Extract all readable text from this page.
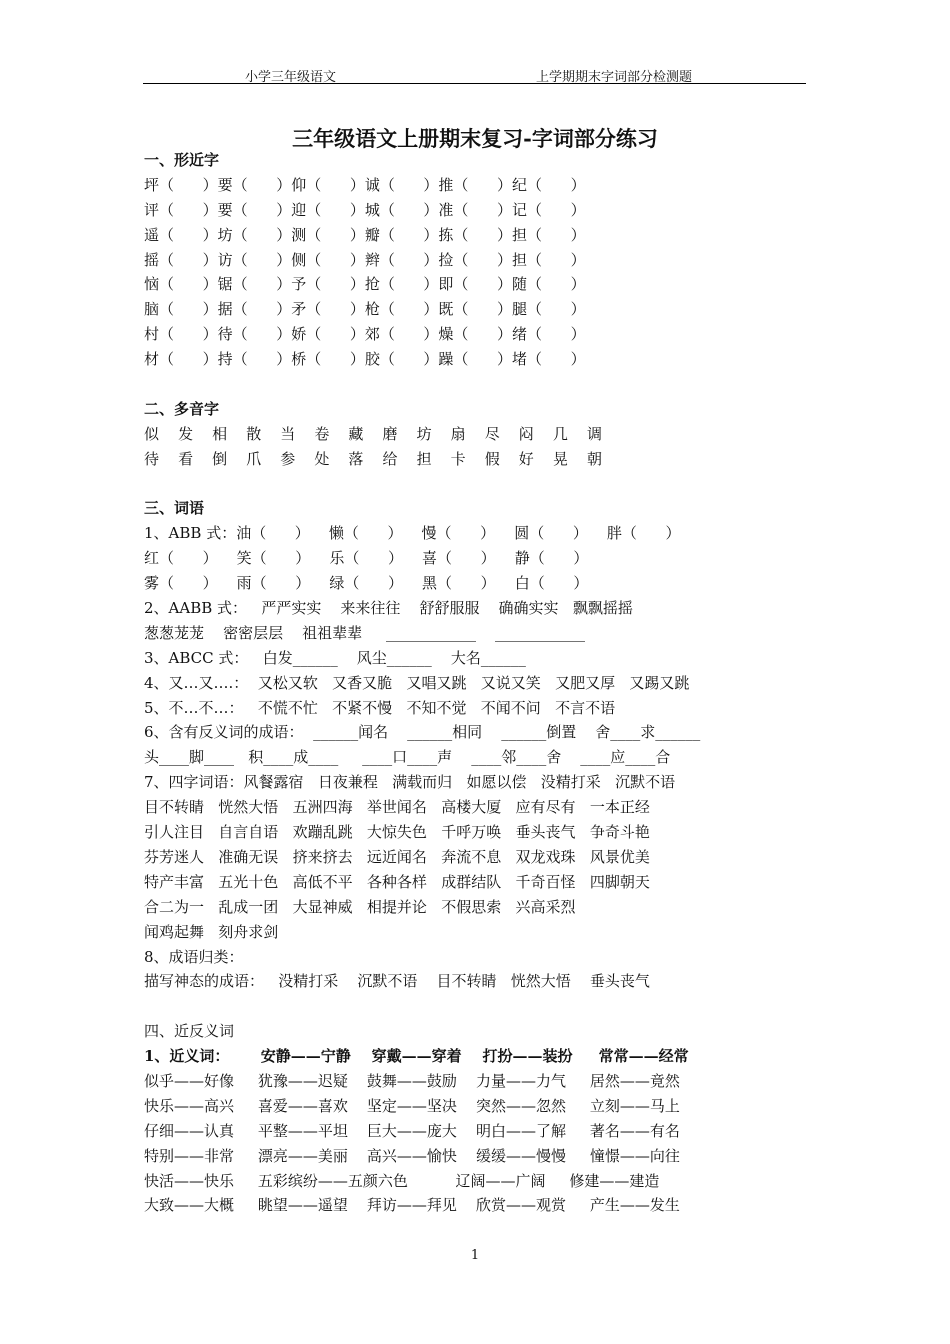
小学三年级语文	上学期期末字词部分检测题
三年级语文上册期末复习-字词部分练习
一、形近字
坪（      ）要（      ）仰（      ）诚（      ）推（      ）纪（      ）
评（      ）要（      ）迎（      ）城（      ）准（      ）记（      ）
遥（      ）坊（      ）测（      ）瓣（      ）拣（      ）担（      ）
摇（      ）访（      ）侧（      ）辫（      ）捡（      ）担（      ）
恼（      ）锯（      ）予（      ）抢（      ）即（      ）随（      ）
脑（      ）据（      ）矛（      ）枪（      ）既（      ）腿（      ）
村（      ）待（      ）娇（      ）郊（      ）燥（      ）绪（      ）
材（      ）持（      ）桥（      ）胶（      ）躁（      ）堵（      ）
二、多音字
似    发    相    散    当    卷    藏    磨    坊    扇    尽    闷    几    调
待    看    倒    爪    参    处    落    给    担    卡    假    好    晃    朝
三、词语
1、ABB 式：油（      ）    懒（      ）    慢（      ）    圆（      ）    胖（      ）
红（      ）    笑（      ）    乐（      ）    喜（      ）    静（      ）
雾（      ）    雨（      ）    绿（      ）    黑（      ）    白（      ）
2、AABB 式：   严严实实    来来往往    舒舒服服    确确实实   飘飘摇摇
葱葱茏茏    密密层层    祖祖辈辈     ____________    ____________
3、ABCC 式：   白发______    风尘______    大名______
4、又…又….：  又松又软   又香又脆   又唱又跳   又说又笑   又肥又厚   又踢又跳
5、不…不…：   不慌不忙   不紧不慢   不知不觉   不闻不问   不言不语
6、含有反义词的成语：  ______闻名    ______相同    ______倒置    舍____求______
头____脚____   积____成____     ____口____声    ____邻____舍    ____应____合
7、四字词语：风餐露宿   日夜兼程   满载而归   如愿以偿   没精打采   沉默不语
目不转睛   恍然大悟   五洲四海   举世闻名   高楼大厦   应有尽有   一本正经
引人注目   自言自语   欢蹦乱跳   大惊失色   千呼万唤   垂头丧气   争奇斗艳
芬芳迷人   准确无误   挤来挤去   远近闻名   奔流不息   双龙戏珠   风景优美
特产丰富   五光十色   高低不平   各种各样   成群结队   千奇百怪   四脚朝天
合二为一   乱成一团   大显神威   相提并论   不假思索   兴高采烈
闻鸡起舞   刻舟求剑
8、成语归类：
描写神态的成语：   没精打采    沉默不语    目不转睛   恍然大悟    垂头丧气
四、近反义词
1、近义词：      安静——宁静    穿戴——穿着    打扮——装扮     常常——经常
似乎——好像     犹豫——迟疑    鼓舞——鼓励    力量——力气     居然——竟然
快乐——高兴     喜爱——喜欢    坚定——坚决    突然——忽然     立刻——马上
仔细——认真     平整——平坦    巨大——庞大    明白——了解     著名——有名
特别——非常     漂亮——美丽    高兴——愉快    缓缓——慢慢     憧憬——向往
快活——快乐     五彩缤纷——五颜六色          辽阔——广阔     修建——建造
大致——大概     眺望——遥望    拜访——拜见    欣赏——观赏     产生——发生
1
